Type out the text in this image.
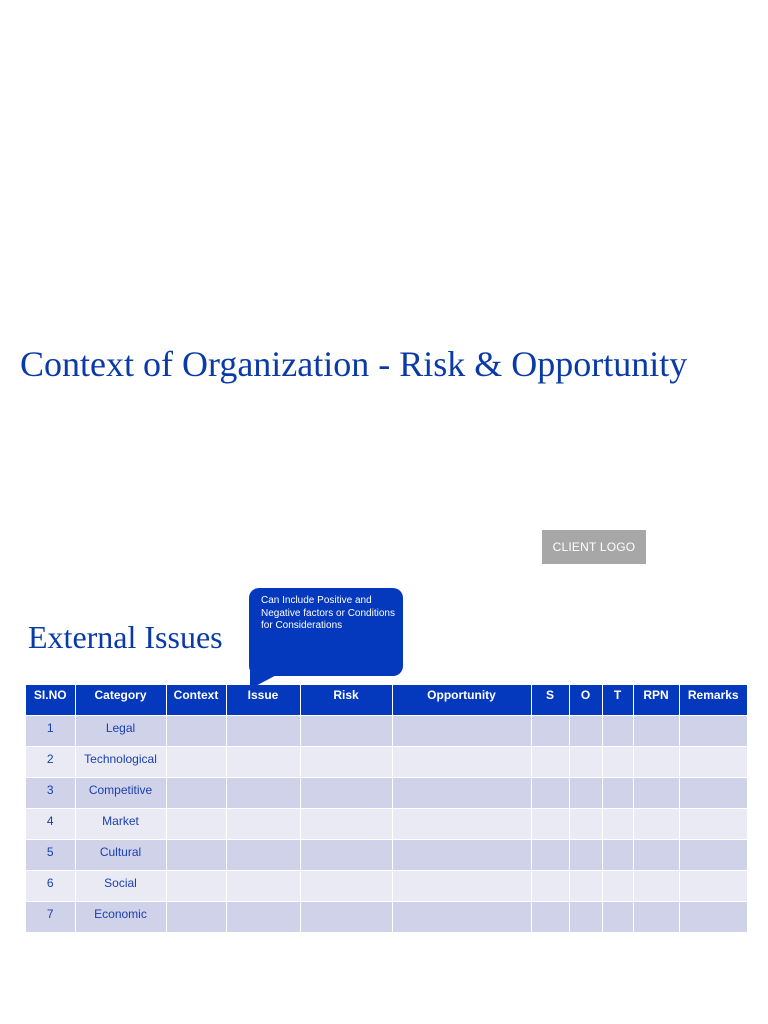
Context of Organization - Risk & Opportunity
CLIENT LOGO
Can Include Positive and Negative factors or Conditions for Considerations
External Issues
SI.NO	Category	Context	Issue	Risk	Opportunity	S	O	T	RPN	Remarks
1	Legal									
2	Technological									
3	Competitive									
4	Market									
5	Cultural									
6	Social									
7	Economic									
